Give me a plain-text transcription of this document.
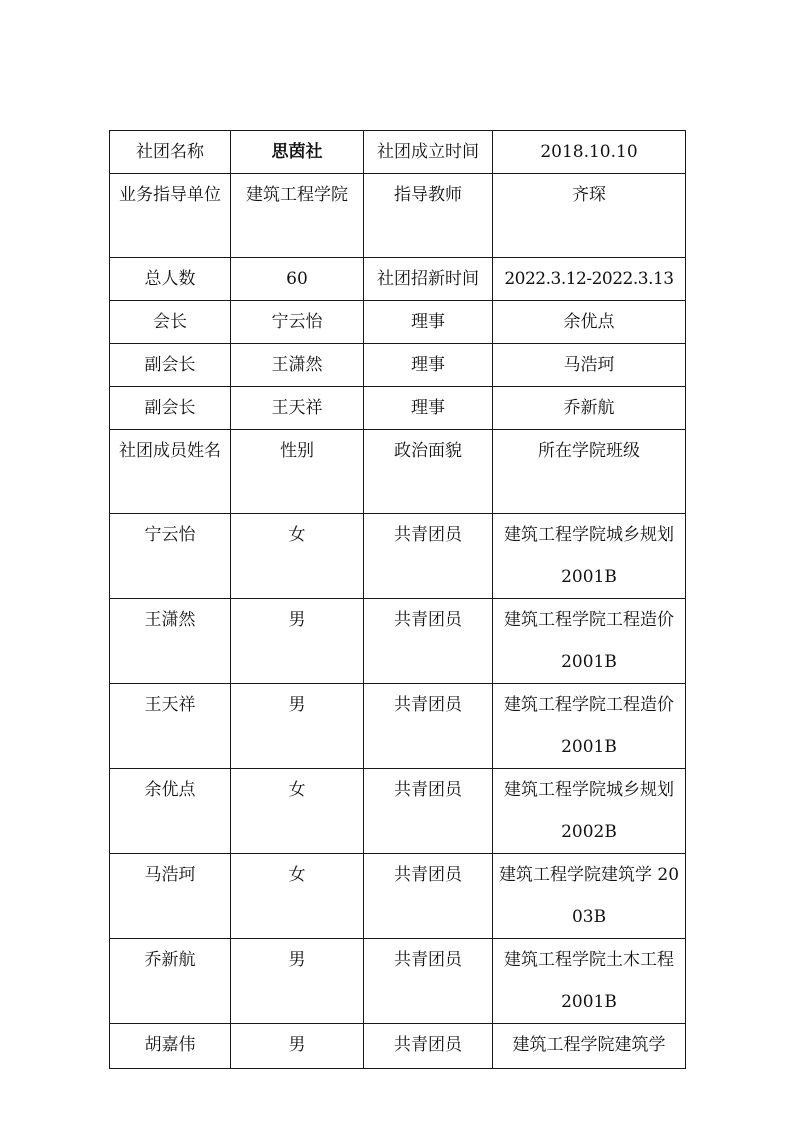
社团名称	思茵社	社团成立时间	2018.10.10
业务指导单位	建筑工程学院	指导教师	齐琛
总人数	60	社团招新时间	2022.3.12-2022.3.13
会长	宁云怡	理事	余优点
副会长	王潇然	理事	马浩珂
副会长	王天祥	理事	乔新航
社团成员姓名	性别	政治面貌	所在学院班级
宁云怡	女	共青团员	建筑工程学院城乡规划 2001B
王潇然	男	共青团员	建筑工程学院工程造价 2001B
王天祥	男	共青团员	建筑工程学院工程造价 2001B
余优点	女	共青团员	建筑工程学院城乡规划 2002B
马浩珂	女	共青团员	建筑工程学院建筑学 2003B
乔新航	男	共青团员	建筑工程学院土木工程 2001B
胡嘉伟	男	共青团员	建筑工程学院建筑学
